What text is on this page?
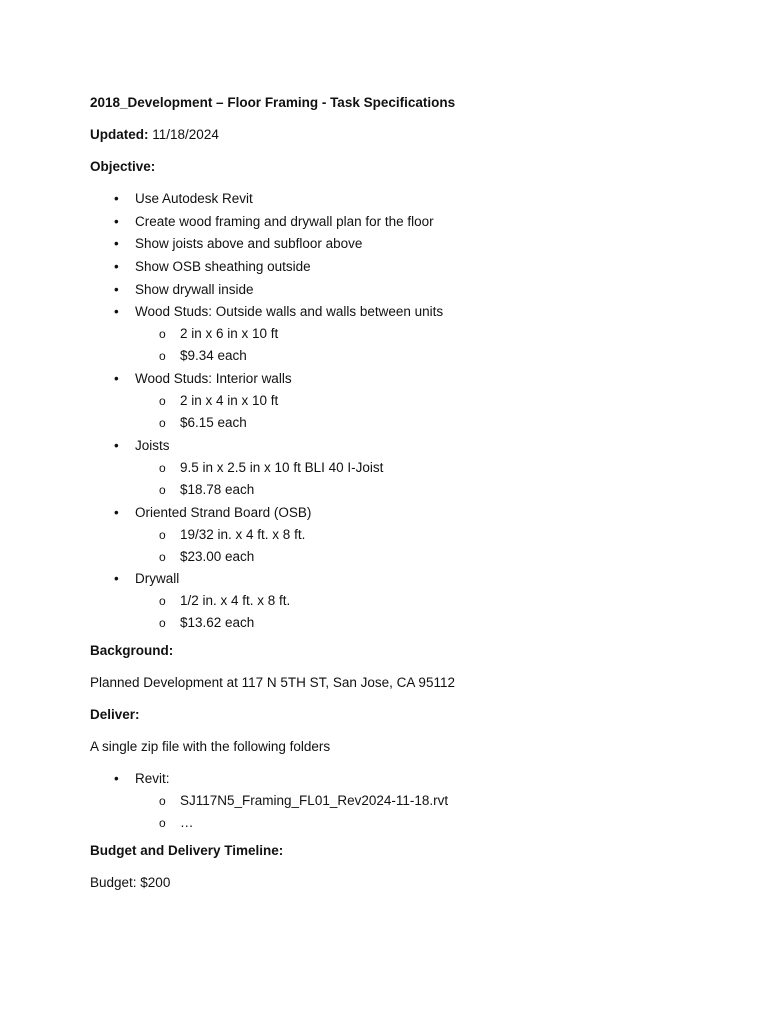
2018_Development – Floor Framing - Task Specifications
Updated: 11/18/2024
Objective:
• Use Autodesk Revit
• Create wood framing and drywall plan for the floor
• Show joists above and subfloor above
• Show OSB sheathing outside
• Show drywall inside
• Wood Studs: Outside walls and walls between units
o 2 in x 6 in x 10 ft
o $9.34 each
• Wood Studs: Interior walls
o 2 in x 4 in x 10 ft
o $6.15 each
• Joists
o 9.5 in x 2.5 in x 10 ft BLI 40 I-Joist
o $18.78 each
• Oriented Strand Board (OSB)
o 19/32 in. x 4 ft. x 8 ft.
o $23.00 each
• Drywall
o 1/2 in. x 4 ft. x 8 ft.
o $13.62 each
Background:
Planned Development at 117 N 5TH ST, San Jose, CA 95112
Deliver:
A single zip file with the following folders
• Revit:
o SJ117N5_Framing_FL01_Rev2024-11-18.rvt
o …
Budget and Delivery Timeline:
Budget: $200
